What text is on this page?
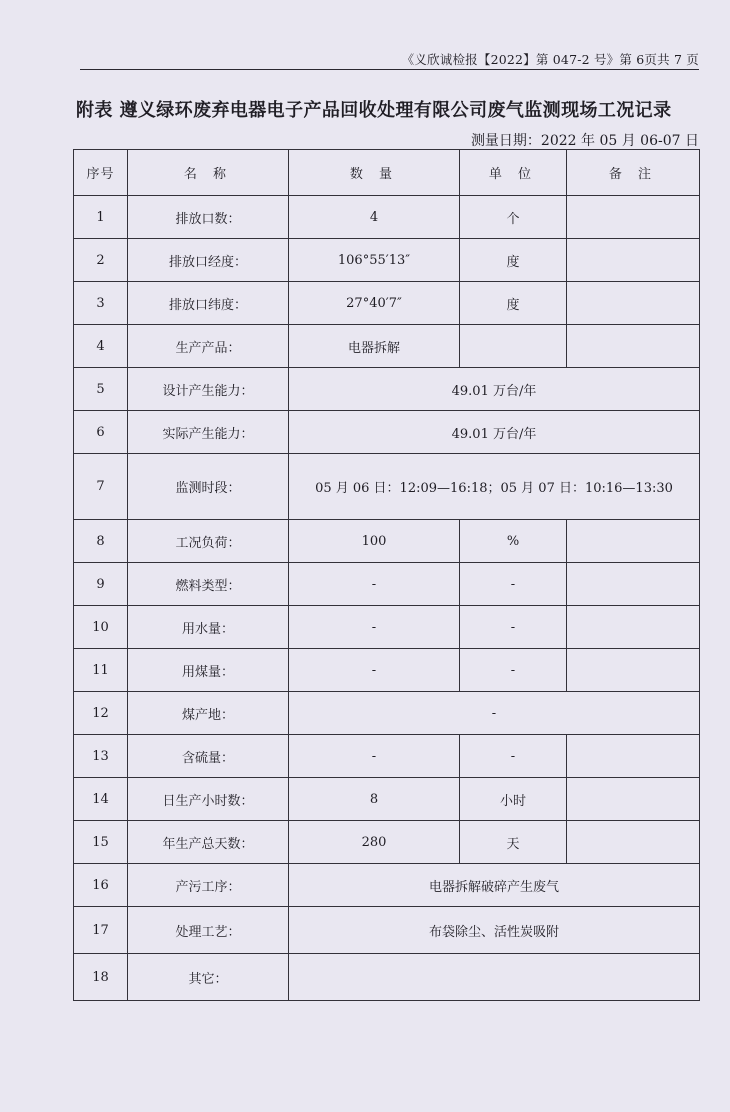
《义欣诚检报【2022】第 047-2 号》第 6页共 7 页
附表 遵义绿环废弃电器电子产品回收处理有限公司废气监测现场工况记录
测量日期：2022 年 05 月 06-07 日
序号	名 称	数 量	单 位	备 注
1	排放口数：	4	个	
2	排放口经度：	106°55′13″	度	
3	排放口纬度：	27°40′7″	度	
4	生产产品：	电器拆解		
5	设计产生能力：	49.01 万台/年		
6	实际产生能力：	49.01 万台/年		
7	监测时段：	05 月 06 日：12:09—16:18；05 月 07 日：10:16—13:30		
8	工况负荷：	100	%	
9	燃料类型：	-	-	
10	用水量：	-	-	
11	用煤量：	-	-	
12	煤产地：	-		
13	含硫量：	-	-	
14	日生产小时数：	8	小时	
15	年生产总天数：	280	天	
16	产污工序：	电器拆解破碎产生废气		
17	处理工艺：	布袋除尘、活性炭吸附		
18	其它：			
